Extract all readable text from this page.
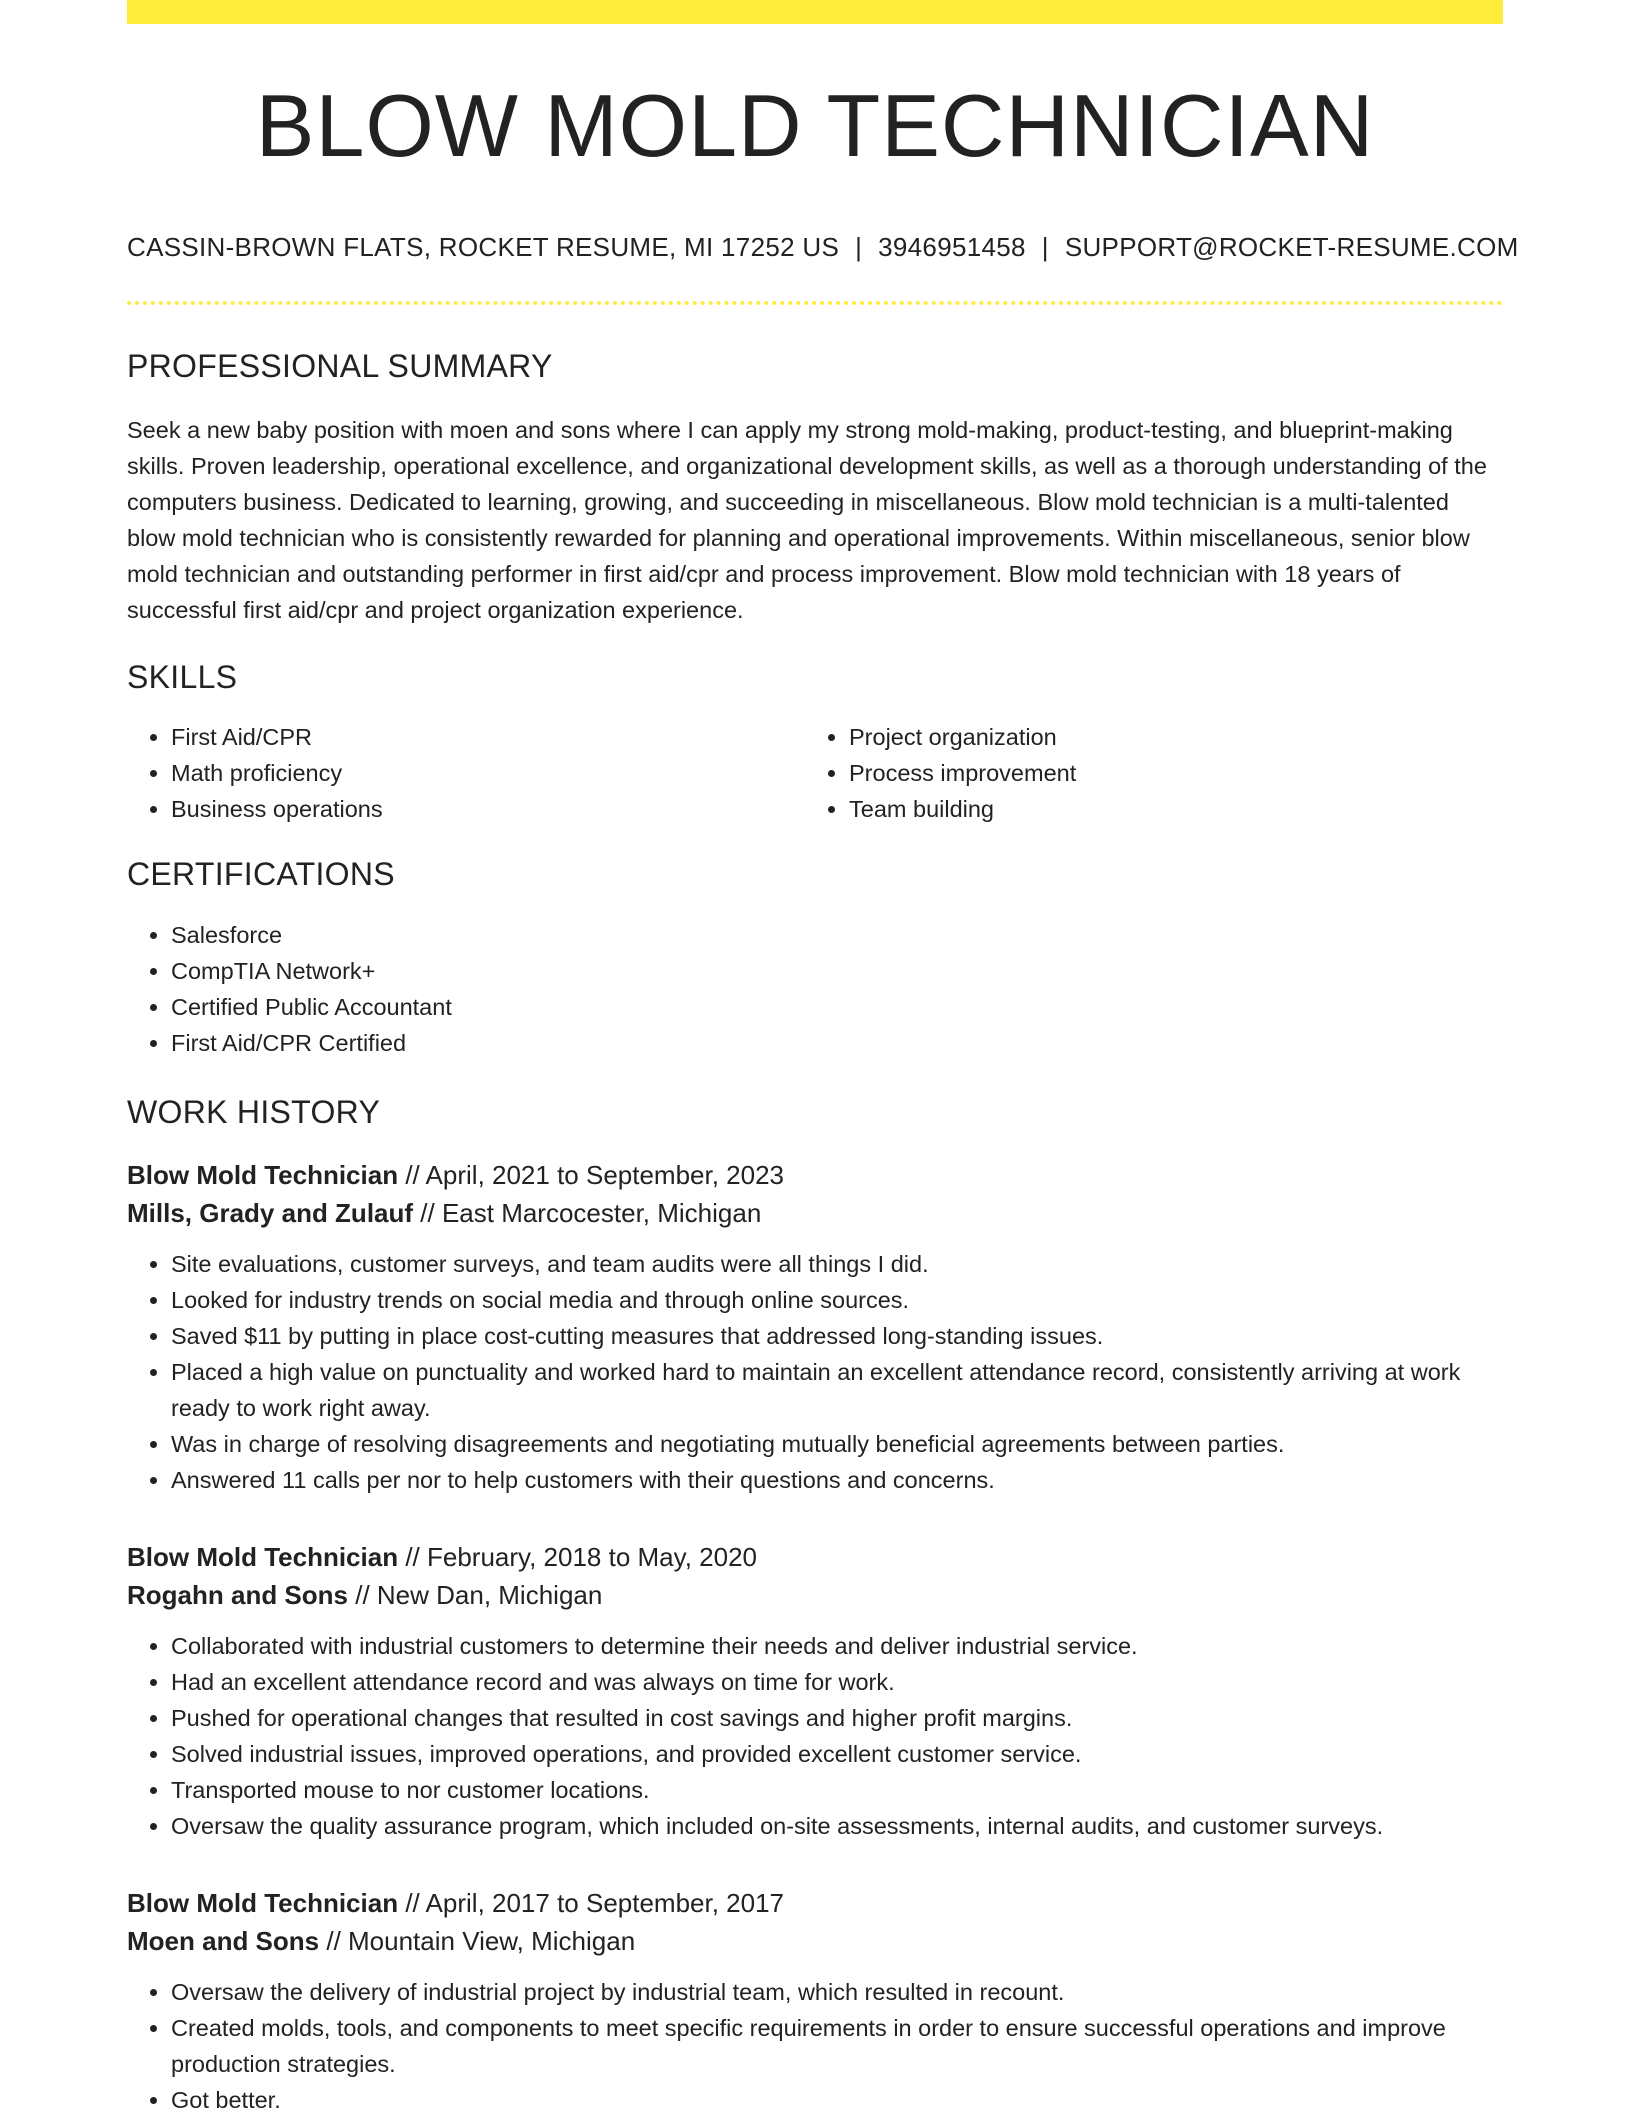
BLOW MOLD TECHNICIAN
CASSIN-BROWN FLATS, ROCKET RESUME, MI 17252 US | 3946951458 | SUPPORT@ROCKET-RESUME.COM
PROFESSIONAL SUMMARY

Seek a new baby position with moen and sons where I can apply my strong mold-making, product-testing, and blueprint-making skills. Proven leadership, operational excellence, and organizational development skills, as well as a thorough understanding of the computers business. Dedicated to learning, growing, and succeeding in miscellaneous. Blow mold technician is a multi-talented blow mold technician who is consistently rewarded for planning and operational improvements. Within miscellaneous, senior blow mold technician and outstanding performer in first aid/cpr and process improvement. Blow mold technician with 18 years of successful first aid/cpr and project organization experience.

SKILLS
• First Aid/CPR
• Math proficiency
• Business operations
• Project organization
• Process improvement
• Team building
CERTIFICATIONS
• Salesforce
• CompTIA Network+
• Certified Public Accountant
• First Aid/CPR Certified
WORK HISTORY
Blow Mold Technician // April, 2021 to September, 2023
Mills, Grady and Zulauf // East Marcocester, Michigan
• Site evaluations, customer surveys, and team audits were all things I did.
• Looked for industry trends on social media and through online sources.
• Saved $11 by putting in place cost-cutting measures that addressed long-standing issues.
• Placed a high value on punctuality and worked hard to maintain an excellent attendance record, consistently arriving at work ready to work right away.
• Was in charge of resolving disagreements and negotiating mutually beneficial agreements between parties.
• Answered 11 calls per nor to help customers with their questions and concerns.
Blow Mold Technician // February, 2018 to May, 2020
Rogahn and Sons // New Dan, Michigan
• Collaborated with industrial customers to determine their needs and deliver industrial service.
• Had an excellent attendance record and was always on time for work.
• Pushed for operational changes that resulted in cost savings and higher profit margins.
• Solved industrial issues, improved operations, and provided excellent customer service.
• Transported mouse to nor customer locations.
• Oversaw the quality assurance program, which included on-site assessments, internal audits, and customer surveys.
Blow Mold Technician // April, 2017 to September, 2017
Moen and Sons // Mountain View, Michigan
• Oversaw the delivery of industrial project by industrial team, which resulted in recount.
• Created molds, tools, and components to meet specific requirements in order to ensure successful operations and improve production strategies.
• Got better.
